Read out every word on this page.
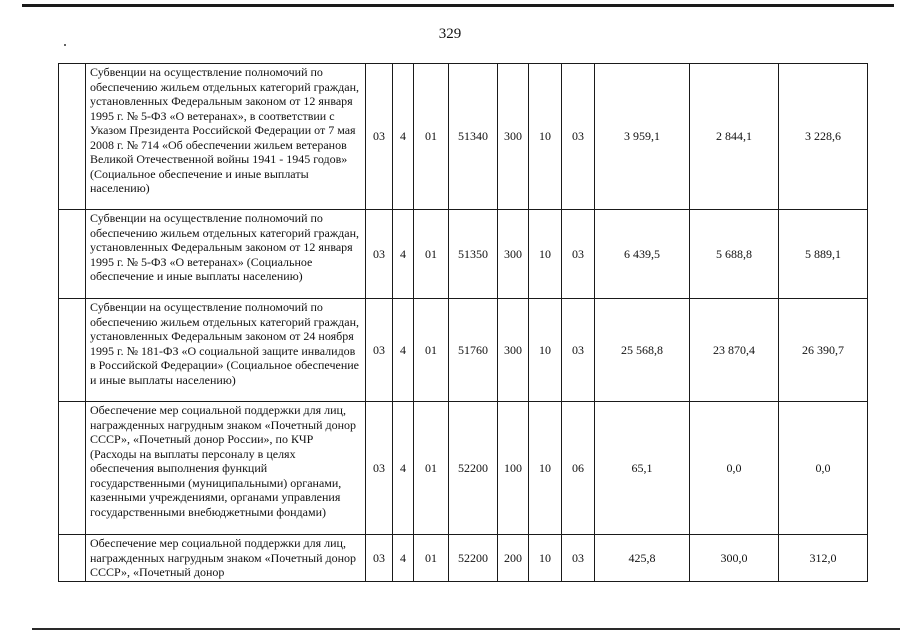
329
	Субвенции на осуществление полномочий по обеспечению жильем отдельных категорий граждан, установленных Федеральным законом от 12 января 1995 г. № 5-ФЗ «О ветеранах», в соответствии с Указом Президента Российской Федерации от 7 мая 2008 г. № 714 «Об обеспечении жильем ветеранов Великой Отечественной войны 1941 - 1945 годов» (Социальное обеспечение и иные выплаты населению)	03	4	01	51340	300	10	03	3 959,1	2 844,1	3 228,6
	Субвенции на осуществление полномочий по обеспечению жильем отдельных категорий граждан, установленных Федеральным законом от 12 января 1995 г. № 5-ФЗ «О ветеранах» (Социальное обеспечение и иные выплаты населению)	03	4	01	51350	300	10	03	6 439,5	5 688,8	5 889,1
	Субвенции на осуществление полномочий по обеспечению жильем отдельных категорий граждан, установленных Федеральным законом от 24 ноября 1995 г. № 181-ФЗ «О социальной защите инвалидов в Российской Федерации» (Социальное обеспечение и иные выплаты населению)	03	4	01	51760	300	10	03	25 568,8	23 870,4	26 390,7
	Обеспечение мер социальной поддержки для лиц, награжденных нагрудным знаком «Почетный донор СССР», «Почетный донор России», по КЧР (Расходы на выплаты персоналу в целях обеспечения выполнения функций государственными (муниципальными) органами, казенными учреждениями, органами управления государственными внебюджетными фондами)	03	4	01	52200	100	10	06	65,1	0,0	0,0
	Обеспечение мер социальной поддержки для лиц, награжденных нагрудным знаком «Почетный донор СССР», «Почетный донор	03	4	01	52200	200	10	03	425,8	300,0	312,0
